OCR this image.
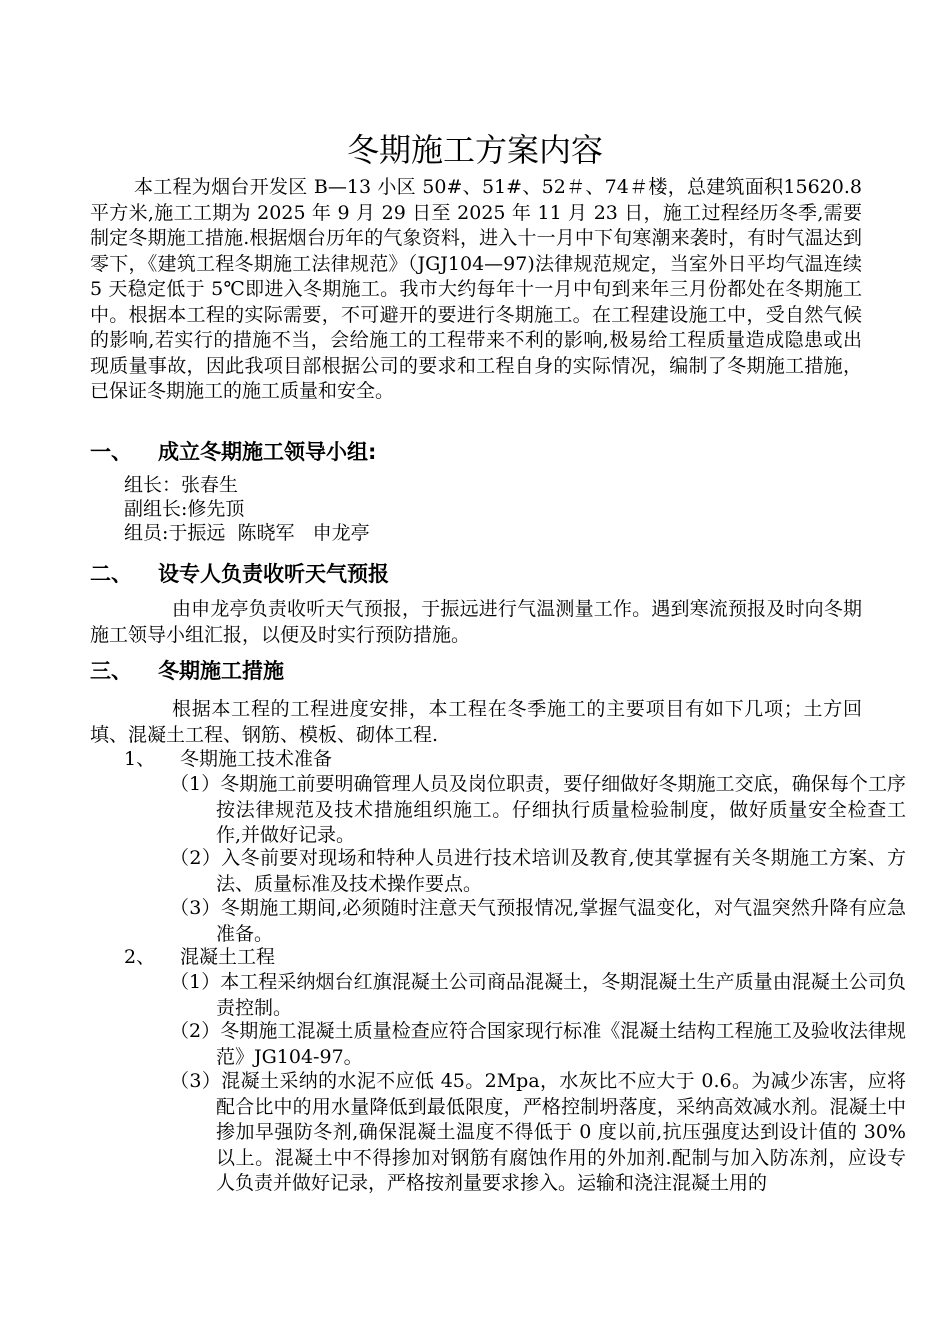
冬期施工方案内容

本工程为烟台开发区 B—13 小区 50#、51#、52＃、74＃楼，总建筑面积15620.8 平方米,施工工期为 2025 年 9 月 29 日至 2025 年 11 月 23 日，施工过程经历冬季,需要制定冬期施工措施.根据烟台历年的气象资料，进入十一月中下旬寒潮来袭时，有时气温达到零下，《建筑工程冬期施工法律规范》（JGJ104—97)法律规范规定，当室外日平均气温连续 5 天稳定低于 5℃即进入冬期施工。我市大约每年十一月中旬到来年三月份都处在冬期施工中。根据本工程的实际需要，不可避开的要进行冬期施工。在工程建设施工中，受自然气候的影响,若实行的措施不当，会给施工的工程带来不利的影响,极易给工程质量造成隐患或出现质量事故，因此我项目部根据公司的要求和工程自身的实际情况，编制了冬期施工措施，已保证冬期施工的施工质量和安全。

一、 成立冬期施工领导小组:
组长：张春生
副组长:修先顶
组员:于振远  陈晓军   申龙亭
二、 设专人负责收听天气预报

由申龙亭负责收听天气预报，于振远进行气温测量工作。遇到寒流预报及时向冬期施工领导小组汇报，以便及时实行预防措施。

三、 冬期施工措施

根据本工程的工程进度安排，本工程在冬季施工的主要项目有如下几项；土方回填、混凝土工程、钢筋、模板、砌体工程.

1、 冬期施工技术准备
（1）冬期施工前要明确管理人员及岗位职责，要仔细做好冬期施工交底，确保每个工序按法律规范及技术措施组织施工。仔细执行质量检验制度，做好质量安全检查工作,并做好记录。
（2）入冬前要对现场和特种人员进行技术培训及教育,使其掌握有关冬期施工方案、方法、质量标准及技术操作要点。
（3）冬期施工期间,必须随时注意天气预报情况,掌握气温变化，对气温突然升降有应急准备。
2、 混凝土工程
（1）本工程采纳烟台红旗混凝土公司商品混凝土，冬期混凝土生产质量由混凝土公司负责控制。
（2）冬期施工混凝土质量检查应符合国家现行标准《混凝土结构工程施工及验收法律规范》JG104-97。
（3）混凝土采纳的水泥不应低 45。2Mpa，水灰比不应大于 0.6。为减少冻害，应将配合比中的用水量降低到最低限度，严格控制坍落度，采纳高效减水剂。混凝土中掺加早强防冬剂,确保混凝土温度不得低于 0 度以前,抗压强度达到设计值的 30%以上。混凝土中不得掺加对钢筋有腐蚀作用的外加剂.配制与加入防冻剂，应设专人负责并做好记录，严格按剂量要求掺入。运输和浇注混凝土用的
